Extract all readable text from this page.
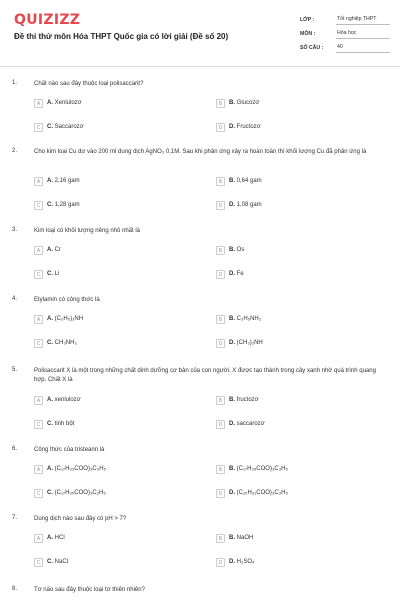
QUIZIZZ
Đề thi thử môn Hóa THPT Quốc gia có lời giải (Đề số 20)
LỚP :	Tốt nghiệp THPT
MÔN :	Hóa học
SỐ CÂU :	40
1.	Chất nào sau đây thuộc loại polisaccarit?
A	A. Xenlulozơ	B	B. Glucozơ
C	C. Saccarozơ	D	D. Fructozơ
2.	Cho kim loại Cu dư vào 200 ml dung dịch AgNO₃ 0,1M. Sau khi phản ứng xảy ra hoàn toàn thì khối lượng Cu đã phản ứng là
A	A. 2,16 gam	B	B. 0,64 gam
C	C. 1,28 gam	D	D. 1,08 gam
3.	Kim loại có khối lượng riêng nhỏ nhất là
A	A. Cr	B	B. Os
C	C. Li	D	D. Fe
4.	Etylamin có công thức là
A	A. (C₂H₅)₂NH	B	B. C₂H₅NH₂
C	C. CH₃NH₂	D	D. (CH₃)₂NH
5.	Polisaccarit X là một trong những chất dinh dưỡng cơ bản của con người. X được tạo thành trong cây xanh nhờ quá trình quang hợp. Chất X là
A	A. xenlulozơ	B	B. fructozơ
C	C. tinh bột	D	D. saccarozơ
6.	Công thức của tristearin là
A	A. (C₁₇H₃₃COO)₃C₃H₅	B	B. (C₁₇H₃₅COO)₃C₃H₅
C	C. (C₁₇H₃₅COO)₃C₂H₅	D	D. (C₁₅H₃₁COO)₃C₃H₅
7.	Dung dịch nào sau đây có pH > 7?
A	A. HCl	B	B. NaOH
C	C. NaCl	D	D. H₂SO₄
8.	Tơ nào sau đây thuộc loại tơ thiên nhiên?
